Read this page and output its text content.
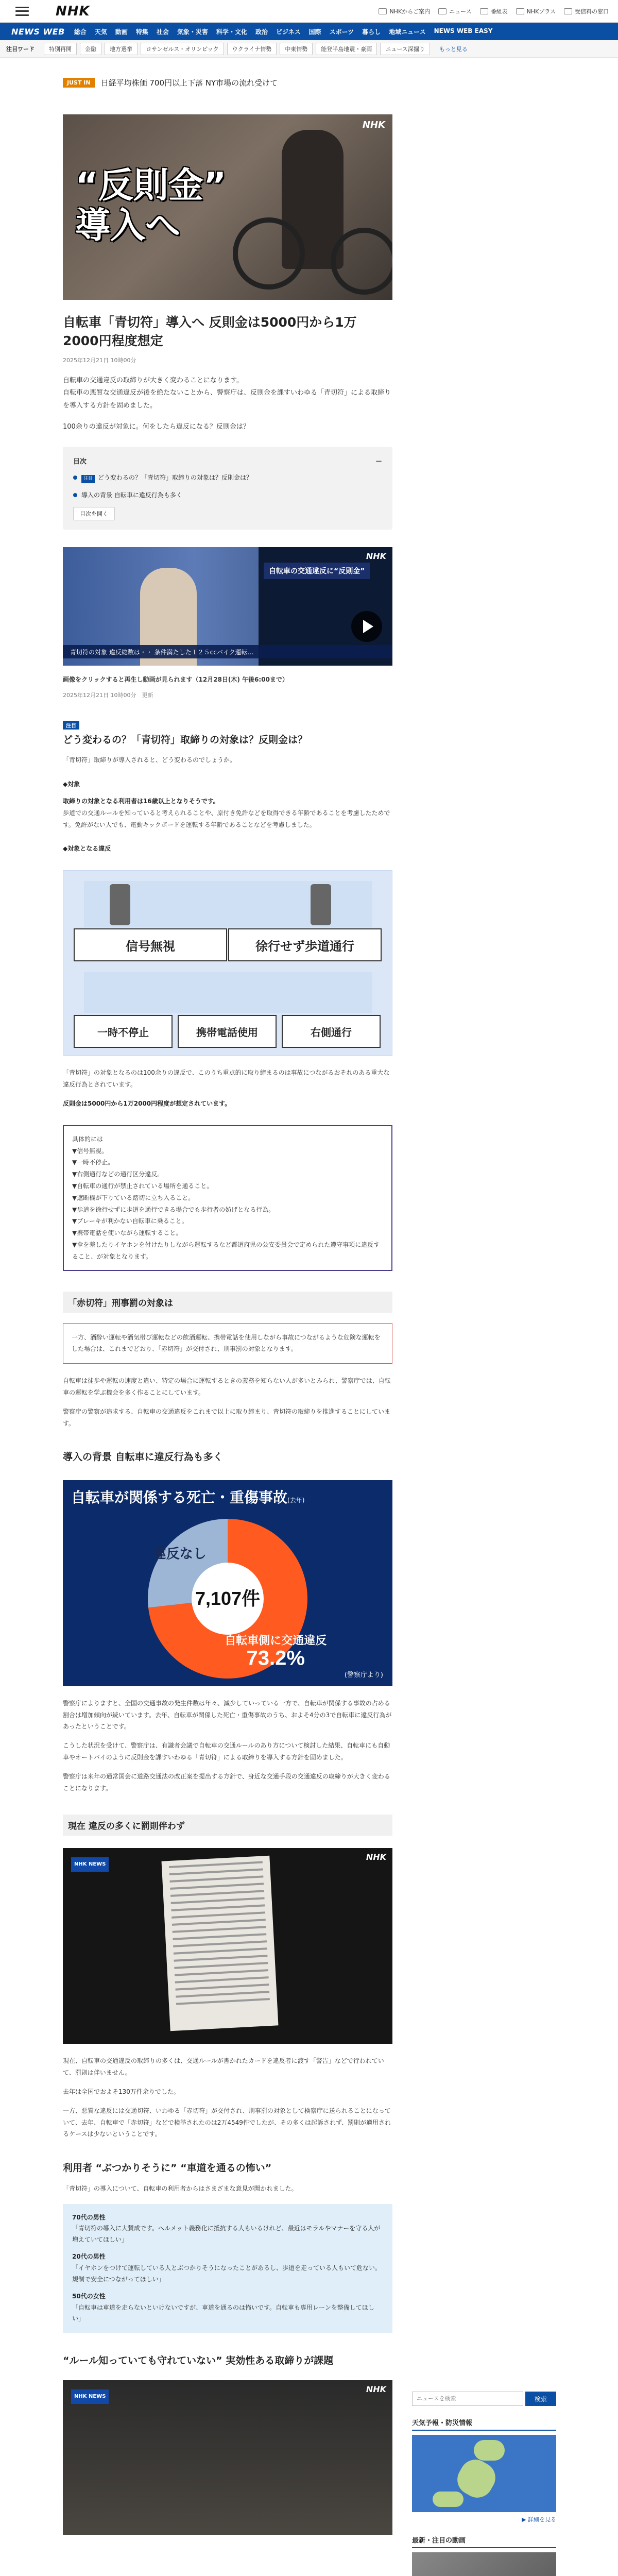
NHK	NHKからご案内	ニュース	番組表	NHKプラス	受信料の窓口
NEWS WEB 総合 天気 動画 特集 社会 気象・災害 科学・文化 政治 ビジネス 国際 スポーツ 暮らし 地域ニュース NEWS WEB EASY
注目ワード	特別再開	金融	地方選挙	ロサンゼルス・オリンピック	ウクライナ情勢	中東情勢	能登半島地震・豪雨	ニュース深掘り	もっと見る
JUST IN	日経平均株価 700円以上下落 NY市場の流れ受けて
“反則金”
導入へ
NHK
自転車「青切符」導入へ 反則金は5000円から1万2000円程度想定
2025年12月21日 10時00分

自転車の交通違反の取締りが大きく変わることになります。

自転車の悪質な交通違反が後を絶たないことから、警察庁は、反則金を課すいわゆる「青切符」による取締りを導入する方針を固めました。

100余りの違反が対象に。何をしたら違反になる？反則金は？

目次	－
注目 どう変わるの？「青切符」取締りの対象は？反則金は？
導入の背景 自転車に違反行為も多く
目次を開く
自転車の交通違反に“反則金”
NHK
青切符の対象 違反総数は・・ 条件満たした１２５ccバイク運転…
画像をクリックすると再生し動画が見られます（12月28日(木) 午後6:00まで）
2025年12月21日 10時00分　更新
注目
どう変わるの？「青切符」取締りの対象は？反則金は？
「青切符」取締りが導入されると、どう変わるのでしょうか。
◆対象
取締りの対象となる利用者は16歳以上となりそうです。
歩道での交通ルールを知っていると考えられることや、原付き免許などを取得できる年齢であることを考慮したためです。免許がない人でも、電動キックボードを運転する年齢であることなどを考慮しました。
◆対象となる違反
信号無視	徐行せず歩道通行
一時不停止	携帯電話使用	右側通行
「青切符」の対象となるのは100余りの違反で、このうち重点的に取り締まるのは事故につながるおそれのある重大な違反行為とされています。
反則金は5000円から1万2000円程度が想定されています。
具体的には
▼信号無視。
▼一時不停止。
▼右側通行などの通行区分違反。
▼自転車の通行が禁止されている場所を通ること。
▼遮断機が下りている踏切に立ち入ること。
▼歩道を徐行せずに歩道を通行できる場合でも歩行者の妨げとなる行為。
▼ブレーキが利かない自転車に乗ること。
▼携帯電話を使いながら運転すること。
▼傘を差したりイヤホンを付けたりしながら運転するなど都道府県の公安委員会で定められた遵守事項に違反すること、が対象となります。
「赤切符」刑事罰の対象は
一方、酒酔い運転や酒気帯び運転などの飲酒運転、携帯電話を使用しながら事故につながるような危険な運転をした場合は、これまでどおり、「赤切符」が交付され、刑事罰の対象となります。
自転車は徒歩や運転の速度と違い、特定の場合に運転するときの義務を知らない人が多いとみられ、警察庁では、自転車の運転を学ぶ機会を多く作ることにしています。
警察庁の警察が追求する、自転車の交通違反をこれまで以上に取り締まり、青切符の取締りを推進することにしています。
導入の背景 自転車に違反行為も多く
自転車が関係する死亡・重傷事故(去年)
自転車側に交通違反
73.2%
違反なし
7,107件
(警察庁より)
警察庁によりますと、全国の交通事故の発生件数は年々、減少していっている一方で、自転車が関係する事故の占める割合は増加傾向が続いています。去年、自転車が関係した死亡・重傷事故のうち、およそ4分の3で自転車に違反行為があったということです。
こうした状況を受けて、警察庁は、有識者会議で自転車の交通ルールのあり方について検討した結果、自転車にも自動車やオートバイのように反則金を課すいわゆる「青切符」による取締りを導入する方針を固めました。
警察庁は来年の通常国会に道路交通法の改正案を提出する方針で、身近な交通手段の交通違反の取締りが大きく変わることになります。
現在 違反の多くに罰則伴わず
NHK NEWS
NHK
現在、自転車の交通違反の取締りの多くは、交通ルールが書かれたカードを違反者に渡す「警告」などで行われていて、罰則は伴いません。
去年は全国でおよそ130万件余りでした。
一方、悪質な違反には交通切符、いわゆる「赤切符」が交付され、刑事罰の対象として検察庁に送られることになっていて、去年、自転車で「赤切符」などで検挙されたのは2万4549件でしたが、その多くは起訴されず、罰則が適用されるケースは少ないということです。
利用者 “ぶつかりそうに” “車道を通るの怖い”
「青切符」の導入について、自転車の利用者からはさまざまな意見が聞かれました。
70代の男性
「青切符の導入に大賛成です。ヘルメット義務化に抵抗する人もいるけれど、最近はモラルやマナーを守る人が増えていてほしい」
20代の男性
「イヤホンをつけて運転している人とぶつかりそうになったことがあるし、歩道を走っている人もいて危ない。規制で安全につながってほしい」
50代の女性
「自転車は車道を走らないといけないですが、車道を通るのは怖いです。自転車も専用レーンを整備してほしい」
“ルール知っていても守れていない” 実効性ある取締りが課題
NHK NEWS
NHK
ニュースを検索
検索
天気予報・防災情報
▶ 詳細を見る
最新・注目の動画
